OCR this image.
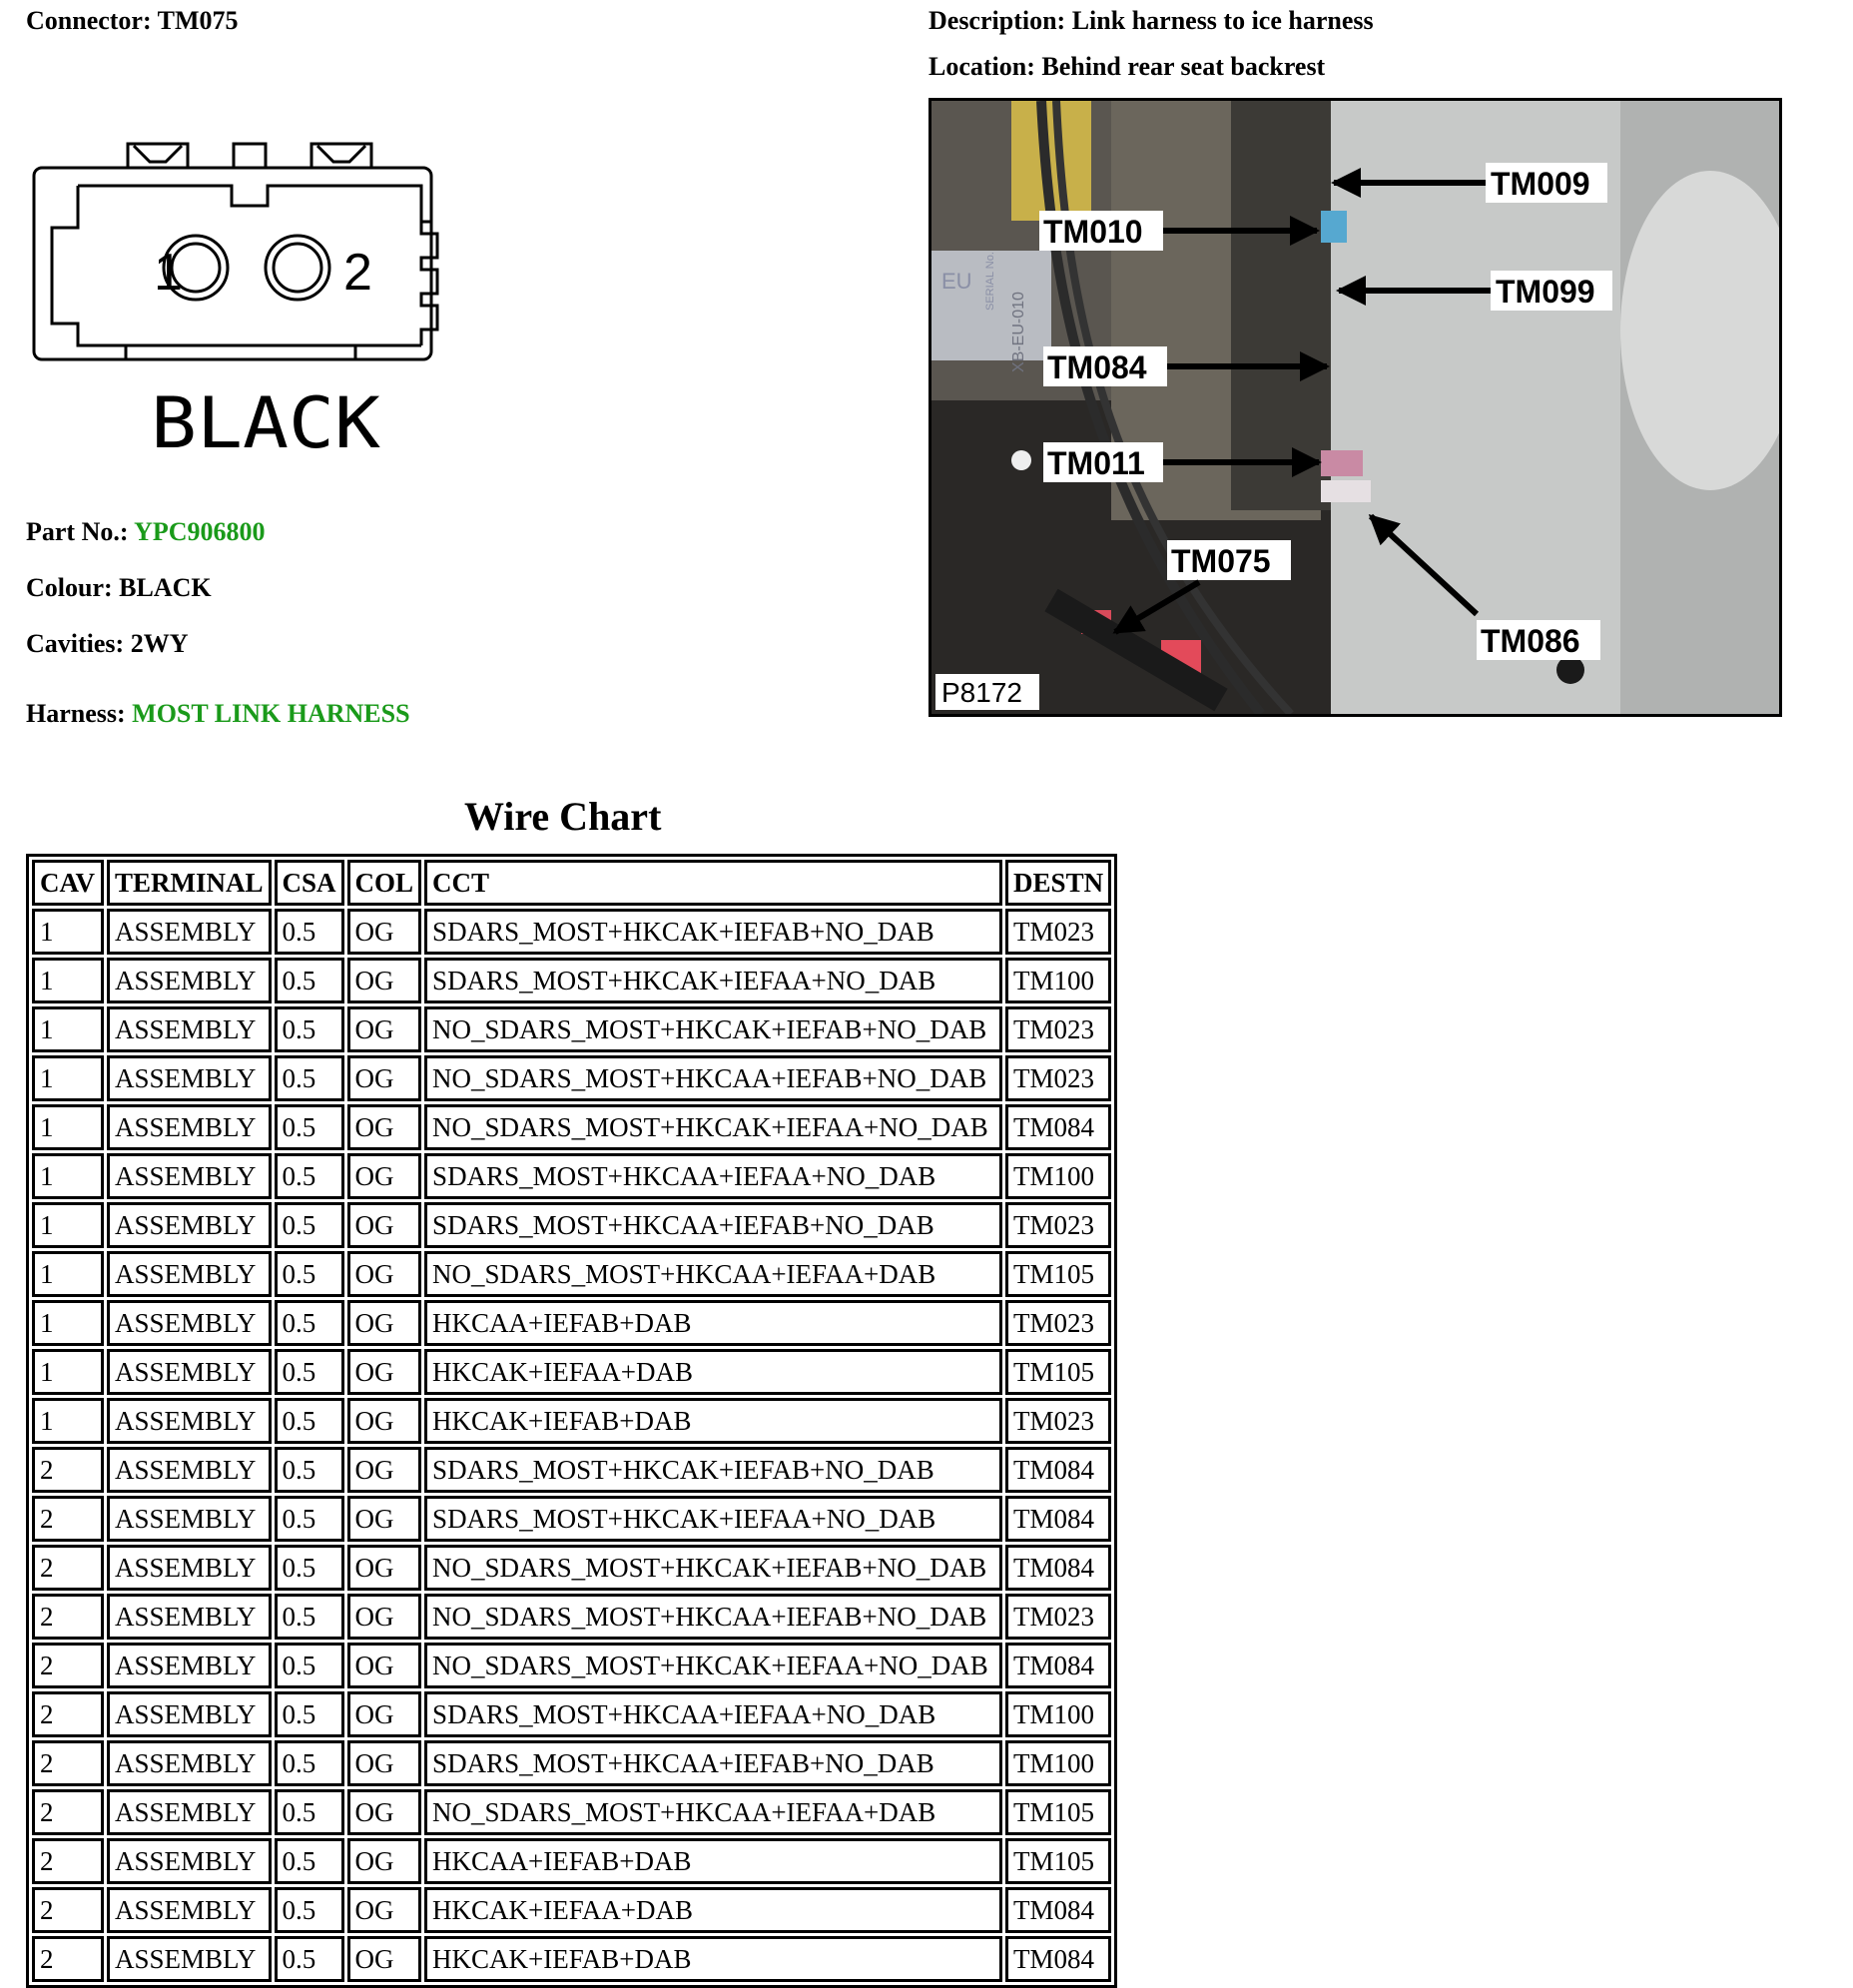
Connector: TM075	Description: Link harness to ice harness
Location: Behind rear seat backrest
1	2
BLACK
Part No.: YPC906800
Colour: BLACK
Cavities: 2WY
Harness: MOST LINK HARNESS
TM009
TM010
TM099
TM084
TM011
TM075
TM086
EU SERIAL No.
XB-EU-010
P8172
Wire Chart
CAV	TERMINAL	CSA	COL	CCT	DESTN
1	ASSEMBLY	0.5	OG	SDARS_MOST+HKCAK+IEFAB+NO_DAB	TM023
1	ASSEMBLY	0.5	OG	SDARS_MOST+HKCAK+IEFAA+NO_DAB	TM100
1	ASSEMBLY	0.5	OG	NO_SDARS_MOST+HKCAK+IEFAB+NO_DAB	TM023
1	ASSEMBLY	0.5	OG	NO_SDARS_MOST+HKCAA+IEFAB+NO_DAB	TM023
1	ASSEMBLY	0.5	OG	NO_SDARS_MOST+HKCAK+IEFAA+NO_DAB	TM084
1	ASSEMBLY	0.5	OG	SDARS_MOST+HKCAA+IEFAA+NO_DAB	TM100
1	ASSEMBLY	0.5	OG	SDARS_MOST+HKCAA+IEFAB+NO_DAB	TM023
1	ASSEMBLY	0.5	OG	NO_SDARS_MOST+HKCAA+IEFAA+DAB	TM105
1	ASSEMBLY	0.5	OG	HKCAA+IEFAB+DAB	TM023
1	ASSEMBLY	0.5	OG	HKCAK+IEFAA+DAB	TM105
1	ASSEMBLY	0.5	OG	HKCAK+IEFAB+DAB	TM023
2	ASSEMBLY	0.5	OG	SDARS_MOST+HKCAK+IEFAB+NO_DAB	TM084
2	ASSEMBLY	0.5	OG	SDARS_MOST+HKCAK+IEFAA+NO_DAB	TM084
2	ASSEMBLY	0.5	OG	NO_SDARS_MOST+HKCAK+IEFAB+NO_DAB	TM084
2	ASSEMBLY	0.5	OG	NO_SDARS_MOST+HKCAA+IEFAB+NO_DAB	TM023
2	ASSEMBLY	0.5	OG	NO_SDARS_MOST+HKCAK+IEFAA+NO_DAB	TM084
2	ASSEMBLY	0.5	OG	SDARS_MOST+HKCAA+IEFAA+NO_DAB	TM100
2	ASSEMBLY	0.5	OG	SDARS_MOST+HKCAA+IEFAB+NO_DAB	TM100
2	ASSEMBLY	0.5	OG	NO_SDARS_MOST+HKCAA+IEFAA+DAB	TM105
2	ASSEMBLY	0.5	OG	HKCAA+IEFAB+DAB	TM105
2	ASSEMBLY	0.5	OG	HKCAK+IEFAA+DAB	TM084
2	ASSEMBLY	0.5	OG	HKCAK+IEFAB+DAB	TM084
